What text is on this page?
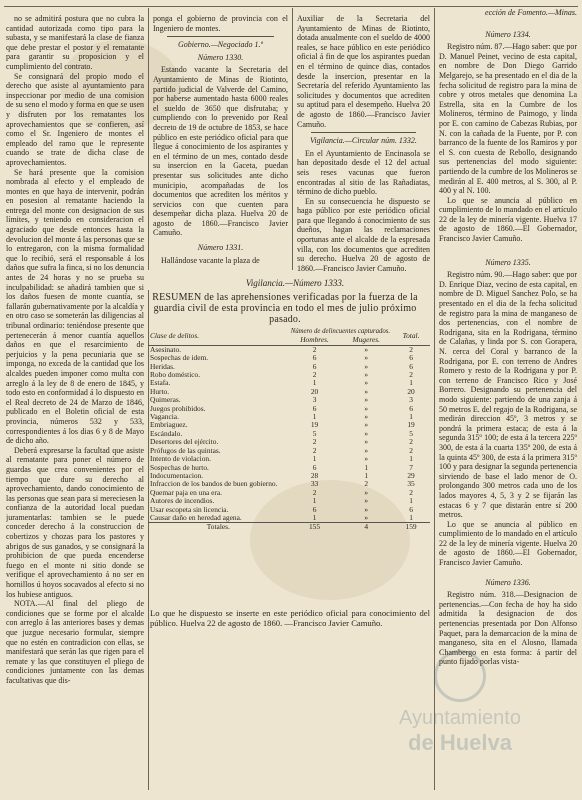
no se admitirá postura que no cubra la cantidad autorizada como tipo para la subasta, y se manifestará la clase de fianza que debe prestar el postor y el rematante para garantir su proposicion y el cumplimiento del contrato.

Se consignará del propio modo el derecho que asiste al ayuntamiento para inspeccionar por medio de una comision de su seno el modo y forma en que se usen y disfruten por los rematantes los aprovechamientos que se confieren, así como el Sr. Ingeniero de montes el empleado del ramo que le represente cuando se trate de dicha clase de aprovechamientos.

Se hará presente que la comision nombrada al efecto y el empleado de montes en que haya de intervenir, podrán en posesion al rematante haciendo la entrega del monte con designacion de sus límites, y teniendo en consideracion el agraciado que desde entonces hasta la devolucion del monte á las personas que se lo entregaron, con la misma formalidad que lo recibió, será el responsable á los daños que sufra la finca, si no los denuncia antes de 24 horas y no se prueba su inculpabilidad: se añadirá tambien que si los daños fuesen de monte cuantía, se fallarán gubernativamente por la alcaldía y en otro caso se someterán las diligencias al tribunal ordinario: teniéndose presente que pertenecerán á menor cuantía aquellos daños en que el resarcimiento de perjuicios y la pena pecuniaria que se imponga, no exceda de la cantidad que los alcaldes pueden imponer como multa con arreglo á la ley de 8 de enero de 1845, y todo esto en conformidad á lo dispuesto en el Real decreto de 24 de Marzo de 1846, publicado en el Boletin oficial de esta provincia, números 532 y 533, correspondientes á los dias 6 y 8 de Mayo de dicho año.

Deberá expresarse la facultad que asiste al rematante para poner el número de guardas que crea convenientes por el tiempo que dure su derecho al aprovechamiento, dando conocimiento de las personas que sean para si mereciesen la confianza de la autoridad local puedan juramentarlas: tambien se le puede conceder derecho á la construccion de cobertizos y chozas para los pastores y abrigos de sus ganados, y se consignará la prohibicion de que pueda encenderse fuego en el monte ni sitio donde se verifique el aprovechamiento á no ser en hornillos ú hoyos socavados al efecto si no los hubiese antiguos.

NOTA.—Al final del pliego de condiciones que se forme por el alcalde con arreglo á las anteriores bases y demas que juzgue necesario formular, siempre que no estén en contradicion con ellas, se manifestará que serán las que rigen para el remate y las que constituyen el pliego de condiciones juntamente con las demas facultativas que dis-

ponga el gobierno de provincia con el Ingeniero de montes.

Gobierno.—Negociado 1.º
Número 1330.

Estando vacante la Secretaria del Ayuntamiento de Minas de Riotinto, partido judicial de Valverde del Camino, por haberse aumentado hasta 6000 reales el sueldo de 3650 que disfrutaba; y cumpliendo con lo prevenido por Real decreto de 19 de octubre de 1853, se hace público en este periódico oficial para que llegue á conocimiento de los aspirantes y en el término de un mes, contado desde su insercion en la Gaceta, puedan presentar sus solicitudes ante dicho municipio, acompañadas de los documentos que acrediten los méritos y servicios con que cuenten para desempeñar dicha plaza. Huelva 20 de agosto de 1860.—Francisco Javier Camuño.

Número 1331.

Hallándose vacante la plaza de

Auxiliar de la Secretaria del Ayuntamiento de Minas de Riotinto, dotada anualmente con el sueldo de 4000 reales, se hace público en este periódico oficial á fin de que los aspirantes puedan en el término de quince dias, contados desde la insercion, presentar en la Secretaría del referido Ayuntamiento las solicitudes y documentos que acrediten su aptitud para el desempeño. Huelva 20 de agosto de 1860.—Francisco Javier Camuño.

Vigilancia.—Circular núm. 1332.

En el Ayuntamiento de Encinasola se han depositado desde el 12 del actual seis reses vacunas que fueron encontradas al sitio de las Rañadiatas, término de dicho pueblo.

En su consecuencia he dispuesto se haga público por este periódico oficial para que llegando á conocimiento de sus dueños, hagan las reclamaciones oportunas ante el alcalde de la espresada villa, con los documentos que acrediten su derecho. Huelva 20 de agosto de 1860.—Francisco Javier Camuño.

ección de Fomento.—Minas.
Número 1334.

Registro núm. 87.—Hago saber: que por D. Manuel Peinet, vecino de esta capital, en nombre de Don Diego Garrido Melgarejo, se ha presentado en el dia de la fecha solicitud de registro para la mina de cobre y otros metales que denomina La Estrella, sita en la Cumbre de los Molineros, término de Paimogo, y linda por E. con camino de Cabezas Rubias, por N. con la cañada de la Fuente, por P. con barranco de la fuente de los Ramiros y por el S. con cuesta de Rebollo, designando sus pertenencias del modo siguiente: partiendo de la cumbre de los Molineros se medirán al E. 400 metros, al S. 300, al P. 400 y al N. 100.

Lo que se anuncia al público en cumplimiento de lo mandado en el artículo 22 de la ley de minería vigente. Huelva 17 de agosto de 1860.—El Gobernador, Francisco Javier Camuño.

Número 1335.

Registro núm. 90.—Hago saber: que por D. Enrique Diaz, vecino de esta capital, en nombre de D. Miguel Sanchez Polo, se ha presentado en el dia de la fecha solicitud de registro para la mina de manganeso de dos pertenencias, con el nombre de Rodrigana, sita en la Rodrigana, término de Calañas, y linda por S. con Gorapera, N. cerca del Coral y barranco de la Rodrigana, por E. con terreno de Andres Romero y resto de la Rodrigana y por P. con terreno de Francisco Rico y José Borrero. Designando su pertenencia del modo siguiente: partiendo de una zanja á 50 metros E. del regajo de la Rodrigana, se medirán direccion 45º, 3 metros y se pondrá la primera estaca; de esta á la segunda 315º 100; de esta á la tercera 225º 300, de esta á la cuarta 135º 200, de esta á la quinta 45º 300, de esta á la primera 315º 100 y para designar la segunda pertenencia sirviendo de base el lado menor de O. prolongando 300 metros cada uno de los lados mayores 4, 5, 3 y 2 se fijarán las estacas 6 y 7 que distarán entre sí 200 metros.

Lo que se anuncia al público en cumplimiento de lo mandado en el artículo 22 de la ley de minería vigente. Huelva 20 de agosto de 1860.—El Gobernador, Francisco Javier Camuño.

Número 1336.

Registro núm. 318.—Designacion de pertenencias.—Con fecha de hoy ha sido admitida la designacion de dos pertenencias presentada por Don Alfonso Paquet, para la demarcacion de la mina de manganeso, sita en el Alosno, llamada Chambergo en esta forma: á partir del punto fijado porlas vista-

Vigilancia.—Número 1333.
RESUMEN de las aprehensiones verificadas por la fuerza de la guardia civil de esta provincia en todo el mes de julio próximo pasado.
Clase de delitos.	Número de delincuentes capturados.		Total.
	Hombres.	Mugeres.	
Asesinato.	2	»	2
Sospechas de idem.	6	»	6
Heridas.	6	»	6
Robo doméstico.	2	»	2
Estafa.	1	»	1
Hurto.	20	»	20
Quimeras.	3	»	3
Juegos prohibidos.	6	»	6
Vagancia.	1	»	1
Embriaguez.	19	»	19
Escándalo.	5	»	5
Desertores del ejército.	2	»	2
Prófugos de las quintas.	2	»	2
Intento de violacion.	1	»	1
Sospechas de hurto.	6	1	7
Indocumentacion.	28	1	29
Infraccion de los bandos de buen gobierno.	33	2	35
Quemar paja en una era.	2	»	2
Autores de incendios.	1	»	1
Usar escopeta sin licencia.	6	»	6
Causar daño en heredad agena.	1	»	1
Totales.	155	4	159
Lo que he dispuesto se inserte en este periódico oficial para conocimiento del público. Huelva 22 de agosto de 1860. —Francisco Javier Camuño.
Ayuntamiento
de Huelva
